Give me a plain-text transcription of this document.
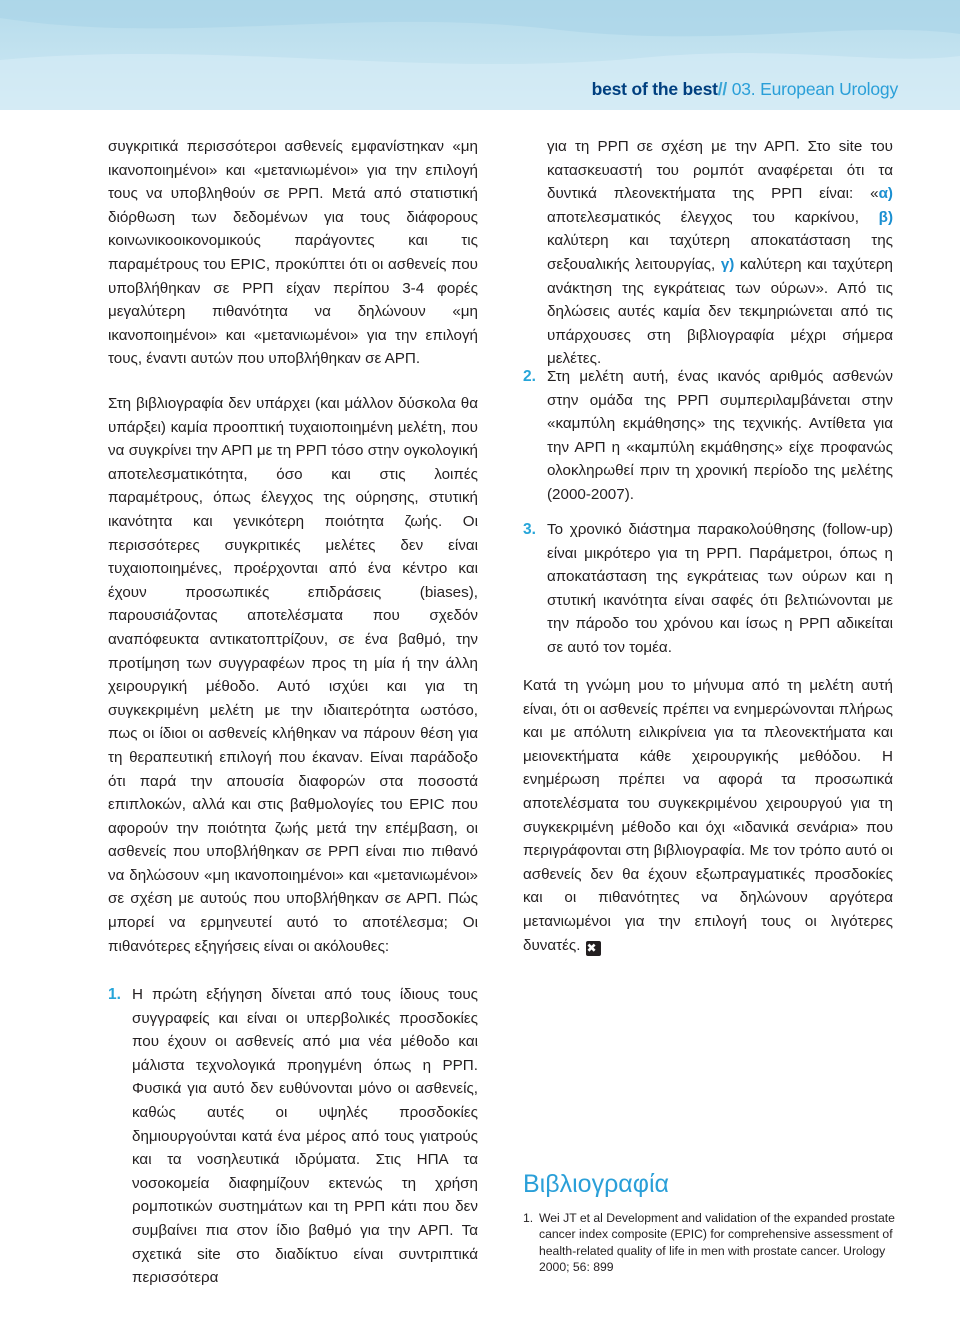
best of the best// 03. European Urology

συγκριτικά περισσότεροι ασθενείς εμφανίστηκαν «μη ικανοποιημένοι» και «μετανιωμένοι» για την επιλογή τους να υποβληθούν σε ΡΡΠ. Μετά από στατιστική διόρθωση των δεδομένων για τους διάφορους κοινωνικοοικονομικούς παράγοντες και τις παραμέτρους του EPIC, προκύπτει ότι οι ασθενείς που υποβλήθηκαν σε ΡΡΠ είχαν περίπου 3-4 φορές μεγαλύτερη πιθανότητα να δηλώνουν «μη ικανοποιημένοι» και «μετανιωμένοι» για την επιλογή τους, έναντι αυτών που υποβλήθηκαν σε ΑΡΠ.

Στη βιβλιογραφία δεν υπάρχει (και μάλλον δύσκολα θα υπάρξει) καμία προοπτική τυχαιοποιημένη μελέτη, που να συγκρίνει την ΑΡΠ με τη ΡΡΠ τόσο στην ογκολογική αποτελεσματικότητα, όσο και στις λοιπές παραμέτρους, όπως έλεγχος της ούρησης, στυτική ικανότητα και γενικότερη ποιότητα ζωής. Οι περισσότερες συγκριτικές μελέτες δεν είναι τυχαιοποιημένες, προέρχονται από ένα κέντρο και έχουν προσωπικές επιδράσεις (biases), παρουσιάζοντας αποτελέσματα που σχεδόν αναπόφευκτα αντικατοπτρίζουν, σε ένα βαθμό, την προτίμηση των συγγραφέων προς τη μία ή την άλλη χειρουργική μέθοδο. Αυτό ισχύει και για τη συγκεκριμένη μελέτη με την ιδιαιτερότητα ωστόσο, πως οι ίδιοι οι ασθενείς κλήθηκαν να πάρουν θέση για τη θεραπευτική επιλογή που έκαναν. Είναι παράδοξο ότι παρά την απουσία διαφορών στα ποσοστά επιπλοκών, αλλά και στις βαθμολογίες του EPIC που αφορούν την ποιότητα ζωής μετά την επέμβαση, οι ασθενείς που υποβλήθηκαν σε ΡΡΠ είναι πιο πιθανό να δηλώσουν «μη ικανοποιημένοι» και «μετανιωμένοι» σε σχέση με αυτούς που υποβλήθηκαν σε ΑΡΠ. Πώς μπορεί να ερμηνευτεί αυτό το αποτέλεσμα; Οι πιθανότερες εξηγήσεις είναι οι ακόλουθες:

1. Η πρώτη εξήγηση δίνεται από τους ίδιους τους συγγραφείς και είναι οι υπερβολικές προσδοκίες που έχουν οι ασθενείς από μια νέα μέθοδο και μάλιστα τεχνολογικά προηγμένη όπως η ΡΡΠ. Φυσικά για αυτό δεν ευθύνονται μόνο οι ασθενείς, καθώς αυτές οι υψηλές προσδοκίες δημιουργούνται κατά ένα μέρος από τους γιατρούς και τα νοσηλευτικά ιδρύματα. Στις ΗΠΑ τα νοσοκομεία διαφημίζουν εκτενώς τη χρήση ρομποτικών συστημάτων και τη ΡΡΠ κάτι που δεν συμβαίνει πια στον ίδιο βαθμό για την ΑΡΠ. Τα σχετικά site στο διαδίκτυο είναι συντριπτικά περισσότερα

για τη ΡΡΠ σε σχέση με την ΑΡΠ. Στο site του κατασκευαστή του ρομπότ αναφέρεται ότι τα δυντικά πλεονεκτήματα της ΡΡΠ είναι: «α) αποτελεσματικός έλεγχος του καρκίνου, β) καλύτερη και ταχύτερη αποκατάσταση της σεξουαλικής λειτουργίας, γ) καλύτερη και ταχύτερη ανάκτηση της εγκράτειας των ούρων». Από τις δηλώσεις αυτές καμία δεν τεκμηριώνεται από τις υπάρχουσες στη βιβλιογραφία μέχρι σήμερα μελέτες.

2. Στη μελέτη αυτή, ένας ικανός αριθμός ασθενών στην ομάδα της ΡΡΠ συμπεριλαμβάνεται στην «καμπύλη εκμάθησης» της τεχνικής. Αντίθετα για την ΑΡΠ η «καμπύλη εκμάθησης» είχε προφανώς ολοκληρωθεί πριν τη χρονική περίοδο της μελέτης (2000-2007).

3. Το χρονικό διάστημα παρακολούθησης (follow-up) είναι μικρότερο για τη ΡΡΠ. Παράμετροι, όπως η αποκατάσταση της εγκράτειας των ούρων και η στυτική ικανότητα είναι σαφές ότι βελτιώνονται με την πάροδο του χρόνου και ίσως η ΡΡΠ αδικείται σε αυτό τον τομέα.

Κατά τη γνώμη μου το μήνυμα από τη μελέτη αυτή είναι, ότι οι ασθενείς πρέπει να ενημερώνονται πλήρως και με απόλυτη ειλικρίνεια για τα πλεονεκτήματα και μειονεκτήματα κάθε χειρουργικής μεθόδου. Η ενημέρωση πρέπει να αφορά τα προσωπικά αποτελέσματα του συγκεκριμένου χειρουργού για τη συγκεκριμένη μέθοδο και όχι «ιδανικά σενάρια» που περιγράφονται στη βιβλιογραφία. Με τον τρόπο αυτό οι ασθενείς δεν θα έχουν εξωπραγματικές προσδοκίες και οι πιθανότητες να δηλώνουν αργότερα μετανιωμένοι για την επιλογή τους οι λιγότερες δυνατές. ✖

Βιβλιογραφία

1. Wei JT et al Development and validation of the expanded prostate cancer index composite (EPIC) for comprehensive assessment of health-related quality of life in men with prostate cancer. Urology 2000; 56: 899
